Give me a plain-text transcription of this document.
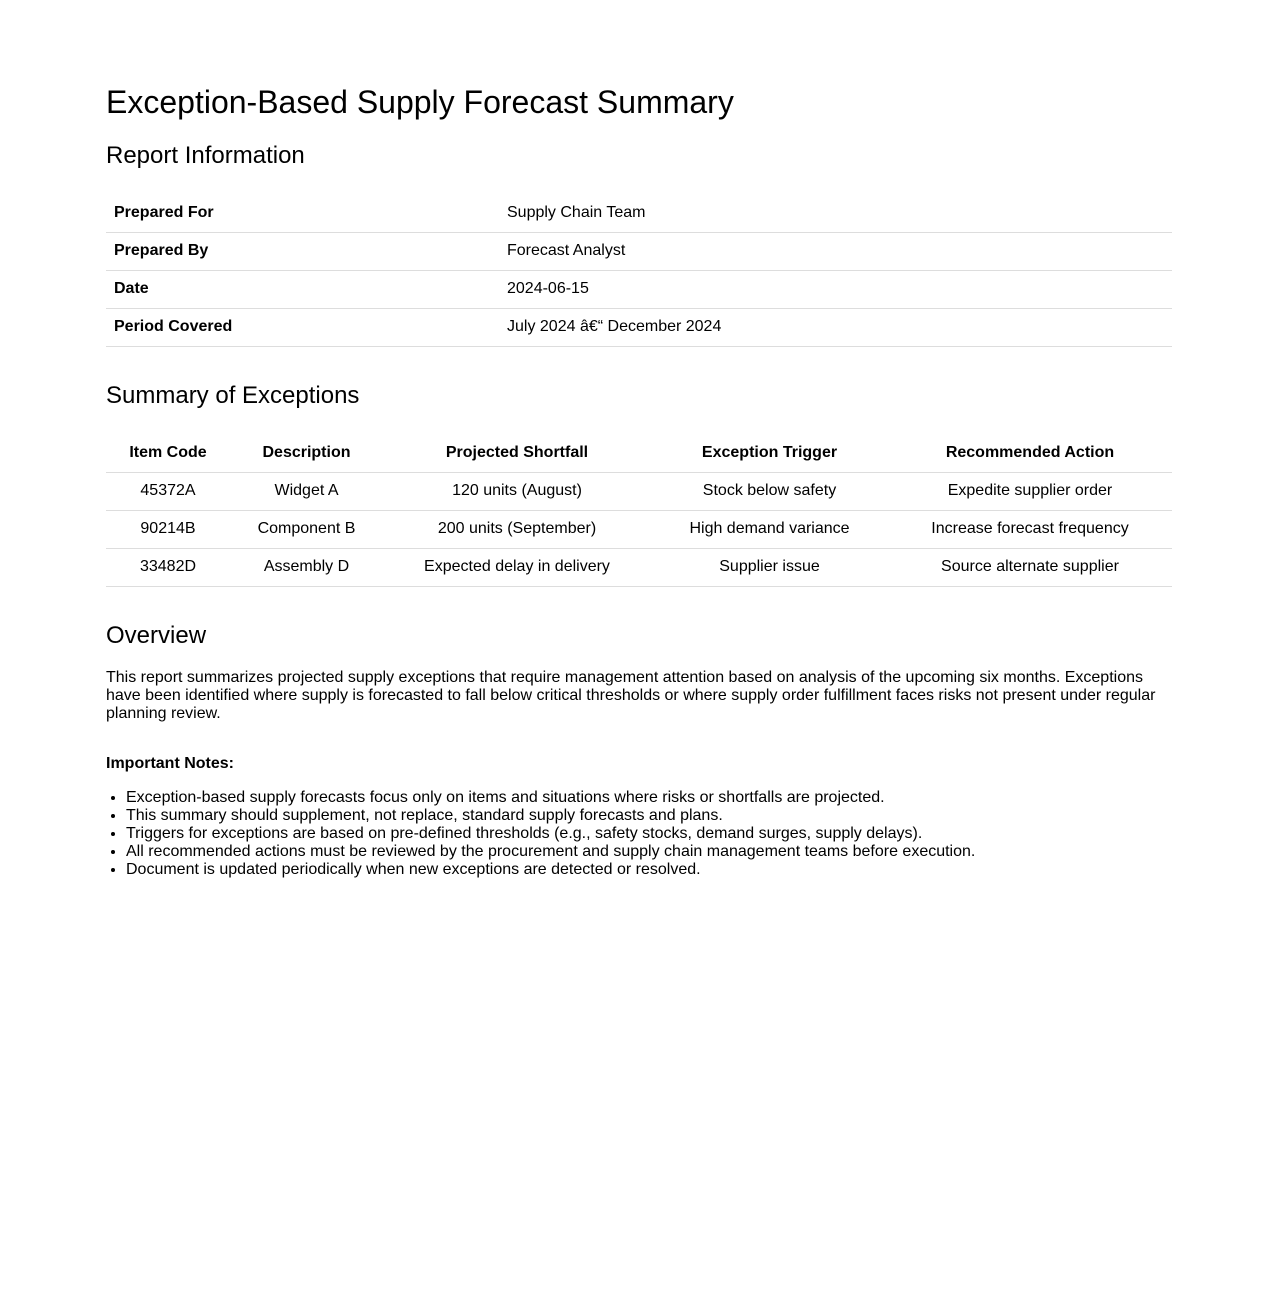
Exception-Based Supply Forecast Summary
Report Information
Prepared For	Supply Chain Team
Prepared By	Forecast Analyst
Date	2024-06-15
Period Covered	July 2024 â€“ December 2024
Summary of Exceptions
Item Code	Description	Projected Shortfall	Exception Trigger	Recommended Action
45372A	Widget A	120 units (August)	Stock below safety	Expedite supplier order
90214B	Component B	200 units (September)	High demand variance	Increase forecast frequency
33482D	Assembly D	Expected delay in delivery	Supplier issue	Source alternate supplier
Overview

This report summarizes projected supply exceptions that require management attention based on analysis of the upcoming six months. Exceptions have been identified where supply is forecasted to fall below critical thresholds or where supply order fulfillment faces risks not present under regular planning review.

Important Notes:

• Exception-based supply forecasts focus only on items and situations where risks or shortfalls are projected.
• This summary should supplement, not replace, standard supply forecasts and plans.
• Triggers for exceptions are based on pre-defined thresholds (e.g., safety stocks, demand surges, supply delays).
• All recommended actions must be reviewed by the procurement and supply chain management teams before execution.
• Document is updated periodically when new exceptions are detected or resolved.
